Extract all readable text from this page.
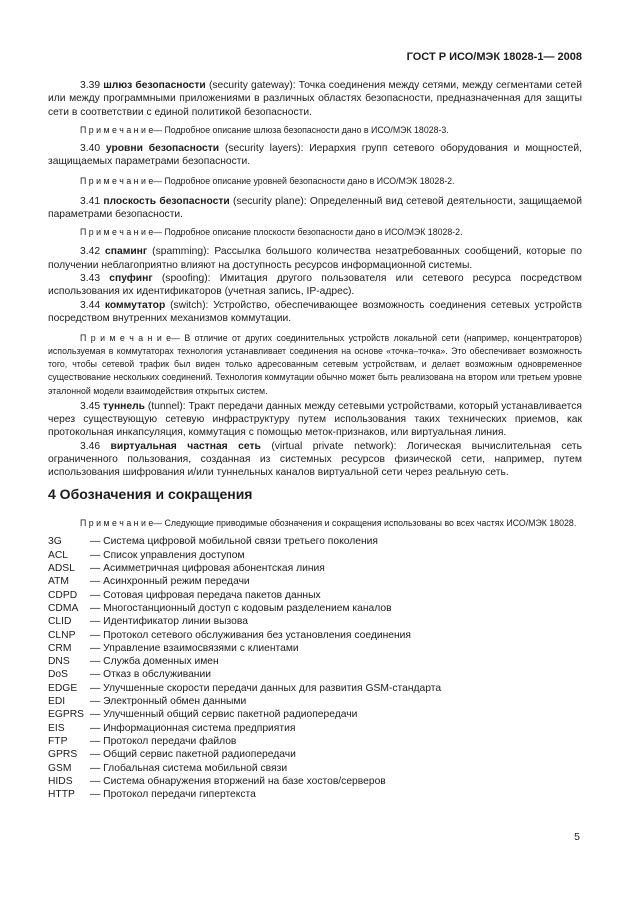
ГОСТ Р ИСО/МЭК 18028-1— 2008

3.39 шлюз безопасности (security gateway): Точка соединения между сетями, между сегментами сетей или между программными приложениями в различных областях безопасности, предназначенная для защиты сети в соответствии с единой политикой безопасности.

П р и м е ч а н и е— Подробное описание шлюза безопасности дано в ИСО/МЭК 18028-3.

3.40 уровни безопасности (security layers): Иерархия групп сетевого оборудования и мощностей, защищаемых параметрами безопасности.

П р и м е ч а н и е— Подробное описание уровней безопасности дано в ИСО/МЭК 18028-2.

3.41 плоскость безопасности (security plane): Определенный вид сетевой деятельности, защищаемой параметрами безопасности.

П р и м е ч а н и е— Подробное описание плоскости безопасности дано в ИСО/МЭК 18028-2.

3.42 спаминг (spamming): Рассылка большого количества незатребованных сообщений, которые по получении неблагоприятно влияют на доступность ресурсов информационной системы.

3.43 спуфинг (spoofing): Имитация другого пользователя или сетевого ресурса посредством использования их идентификаторов (учетная запись, IP-адрес).

3.44 коммутатор (switch): Устройство, обеспечивающее возможность соединения сетевых устройств посредством внутренних механизмов коммутации.

П р и м е ч а н и е— В отличие от других соединительных устройств локальной сети (например, концентраторов) используемая в коммутаторах технология устанавливает соединения на основе «точка–точка». Это обеспечивает возможность того, чтобы сетевой трафик был виден только адресованным сетевым устройствам, и делает возможным одновременное существование нескольких соединений. Технология коммутации обычно может быть реализована на втором или третьем уровне эталонной модели взаимодействия открытых систем.

3.45 туннель (tunnel): Тракт передачи данных между сетевыми устройствами, который устанавливается через существующую сетевую инфраструктуру путем использования таких технических приемов, как протокольная инкапсуляция, коммутация с помощью меток-признаков, или виртуальная линия.

3.46 виртуальная частная сеть (virtual private network): Логическая вычислительная сеть ограниченного пользования, созданная из системных ресурсов физической сети, например, путем использования шифрования и/или туннельных каналов виртуальной сети через реальную сеть.

4 Обозначения и сокращения

П р и м е ч а н и е— Следующие приводимые обозначения и сокращения использованы во всех частях ИСО/МЭК 18028.

3G	— Система цифровой мобильной связи третьего поколения
ACL — Список управления доступом
ADSL — Асимметричная цифровая абонентская линия
ATM — Асинхронный режим передачи
CDPD — Сотовая цифровая передача пакетов данных
CDMA — Многостанционный доступ с кодовым разделением каналов
CLID — Идентификатор линии вызова
CLNP — Протокол сетевого обслуживания без установления соединения
CRM — Управление взаимосвязями с клиентами
DNS — Служба доменных имен
DoS — Отказ в обслуживании
EDGE — Улучшенные скорости передачи данных для развития GSM-стандарта
EDI — Электронный обмен данными
EGPRS — Улучшенный общий сервис пакетной радиопередачи
EIS — Информационная система предприятия
FTP — Протокол передачи файлов
GPRS — Общий сервис пакетной радиопередачи
GSM — Глобальная система мобильной связи
HIDS — Система обнаружения вторжений на базе хостов/серверов
HTTP — Протокол передачи гипертекста
5
